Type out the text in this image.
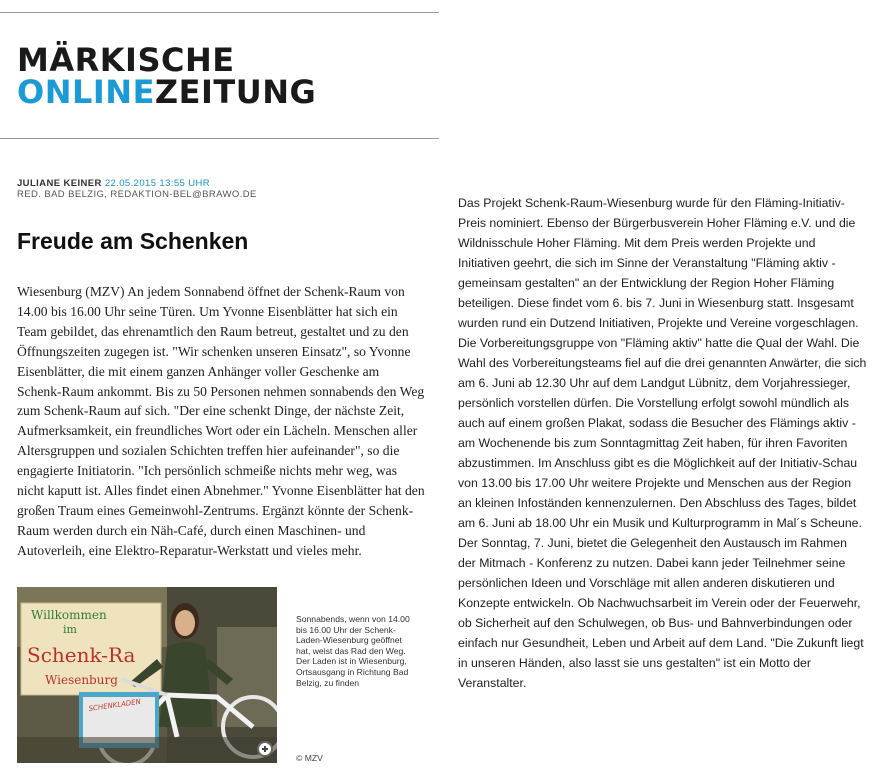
MÄRKISCHE
ONLINEZEITUNG
JULIANE KEINER 22.05.2015 13:55 UHR
RED. BAD BELZIG, REDAKTION-BEL@BRAWO.DE
Freude am Schenken

Wiesenburg (MZV) An jedem Sonnabend öffnet der Schenk-Raum von 14.00 bis 16.00 Uhr seine Türen. Um Yvonne Eisenblätter hat sich ein Team gebildet, das ehrenamtlich den Raum betreut, gestaltet und zu den Öffnungszeiten zugegen ist. "Wir schenken unseren Einsatz", so Yvonne Eisenblätter, die mit einem ganzen Anhänger voller Geschenke am Schenk-Raum ankommt. Bis zu 50 Personen nehmen sonnabends den Weg zum Schenk-Raum auf sich. "Der eine schenkt Dinge, der nächste Zeit, Aufmerksamkeit, ein freundliches Wort oder ein Lächeln. Menschen aller Altersgruppen und sozialen Schichten treffen hier aufeinander", so die engagierte Initiatorin. "Ich persönlich schmeiße nichts mehr weg, was nicht kaputt ist. Alles findet einen Abnehmer." Yvonne Eisenblätter hat den großen Traum eines Gemeinwohl-Zentrums. Ergänzt könnte der Schenk-Raum werden durch ein Näh-Café, durch einen Maschinen- und Autoverleih, eine Elektro-Reparatur-Werkstatt und vieles mehr.

Willkommen
im
Schenk-Ra
Wiesenburg
SCHENKLADEN

Sonnabends, wenn von 14.00 bis 16.00 Uhr der Schenk-Laden-Wiesenburg geöffnet hat, weist das Rad den Weg. Der Laden ist in Wiesenburg, Ortsausgang in Richtung Bad Belzig, zu finden

© MZV

Das Projekt Schenk-Raum-Wiesenburg wurde für den Fläming-Initiativ-Preis nominiert. Ebenso der Bürgerbusverein Hoher Fläming e.V. und die Wildnisschule Hoher Fläming. Mit dem Preis werden Projekte und Initiativen geehrt, die sich im Sinne der Veranstaltung "Fläming aktiv - gemeinsam gestalten" an der Entwicklung der Region Hoher Fläming beteiligen. Diese findet vom 6. bis 7. Juni in Wiesenburg statt. Insgesamt wurden rund ein Dutzend Initiativen, Projekte und Vereine vorgeschlagen. Die Vorbereitungsgruppe von "Fläming aktiv" hatte die Qual der Wahl. Die Wahl des Vorbereitungsteams fiel auf die drei genannten Anwärter, die sich am 6. Juni ab 12.30 Uhr auf dem Landgut Lübnitz, dem Vorjahressieger, persönlich vorstellen dürfen. Die Vorstellung erfolgt sowohl mündlich als auch auf einem großen Plakat, sodass die Besucher des Flämings aktiv - am Wochenende bis zum Sonntagmittag Zeit haben, für ihren Favoriten abzustimmen. Im Anschluss gibt es die Möglichkeit auf der Initiativ-Schau von 13.00 bis 17.00 Uhr weitere Projekte und Menschen aus der Region an kleinen Infoständen kennenzulernen. Den Abschluss des Tages, bildet am 6. Juni ab 18.00 Uhr ein Musik und Kulturprogramm in Mal´s Scheune. Der Sonntag, 7. Juni, bietet die Gelegenheit den Austausch im Rahmen der Mitmach - Konferenz zu nutzen. Dabei kann jeder Teilnehmer seine persönlichen Ideen und Vorschläge mit allen anderen diskutieren und Konzepte entwickeln. Ob Nachwuchsarbeit im Verein oder der Feuerwehr, ob Sicherheit auf den Schulwegen, ob Bus- und Bahnverbindungen oder einfach nur Gesundheit, Leben und Arbeit auf dem Land. "Die Zukunft liegt in unseren Händen, also lasst sie uns gestalten" ist ein Motto der Veranstalter.
